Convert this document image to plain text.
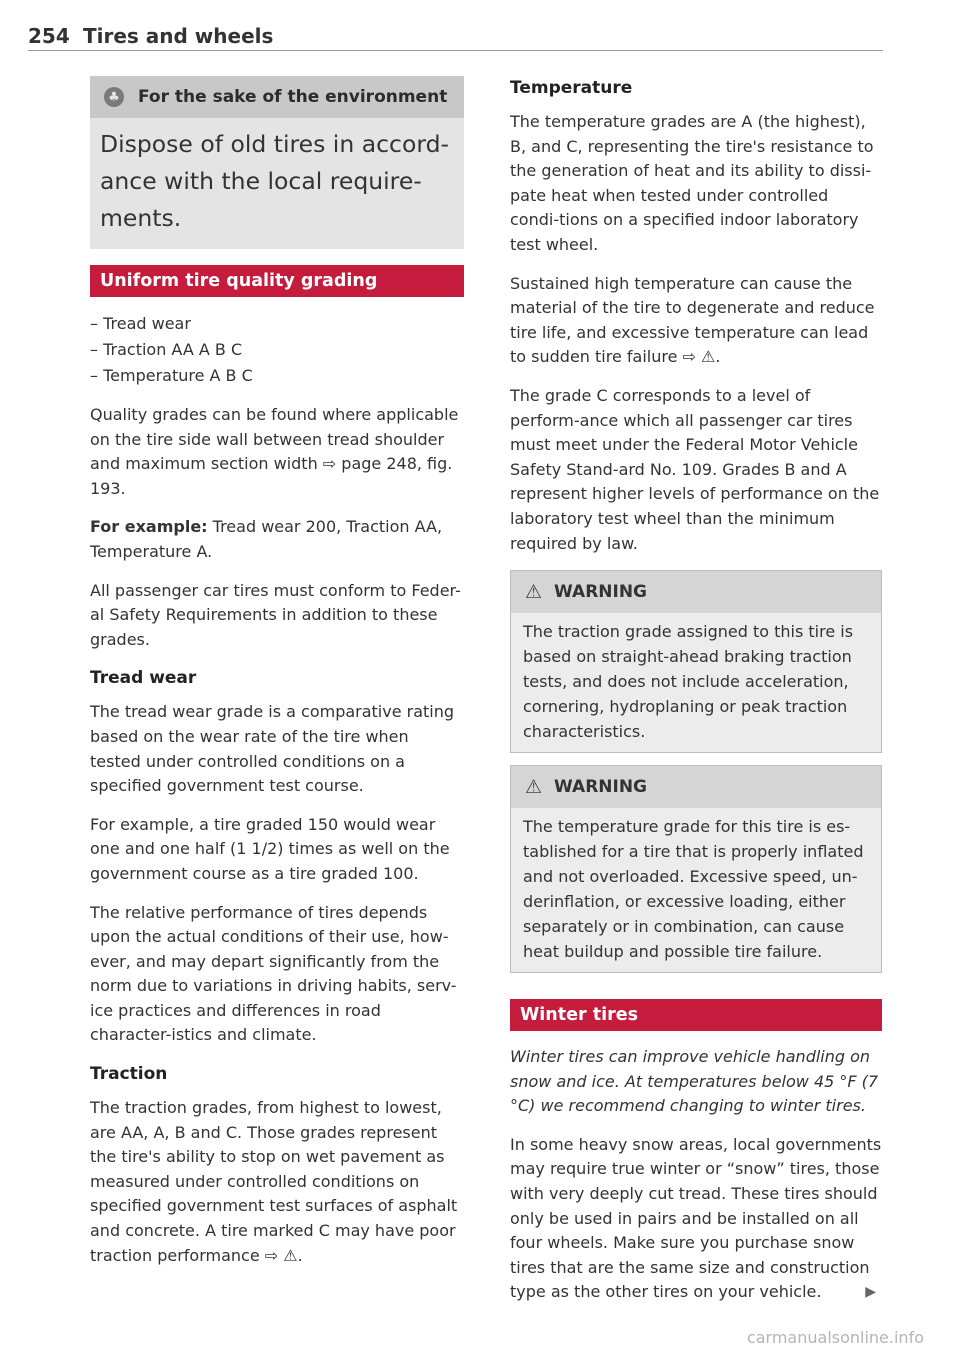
254 Tires and wheels
♣ For the sake of the environment
Dispose of old tires in accord-ance with the local require-ments.
Uniform tire quality grading
– Tread wear
– Traction AA A B C
– Temperature A B C

Quality grades can be found where applicable on the tire side wall between tread shoulder and maximum section width ⇨ page 248, fig. 193.

For example: Tread wear 200, Traction AA, Temperature A.

All passenger car tires must conform to Feder-al Safety Requirements in addition to these grades.

Tread wear

The tread wear grade is a comparative rating based on the wear rate of the tire when tested under controlled conditions on a specified government test course.

For example, a tire graded 150 would wear one and one half (1 1/2) times as well on the government course as a tire graded 100.

The relative performance of tires depends upon the actual conditions of their use, how-ever, and may depart significantly from the norm due to variations in driving habits, serv-ice practices and differences in road character-istics and climate.

Traction

The traction grades, from highest to lowest, are AA, A, B and C. Those grades represent the tire's ability to stop on wet pavement as measured under controlled conditions on specified government test surfaces of asphalt and concrete. A tire marked C may have poor traction performance ⇨ ⚠.

Temperature

The temperature grades are A (the highest), B, and C, representing the tire's resistance to the generation of heat and its ability to dissi-pate heat when tested under controlled condi-tions on a specified indoor laboratory test wheel.

Sustained high temperature can cause the material of the tire to degenerate and reduce tire life, and excessive temperature can lead to sudden tire failure ⇨ ⚠.

The grade C corresponds to a level of perform-ance which all passenger car tires must meet under the Federal Motor Vehicle Safety Stand-ard No. 109. Grades B and A represent higher levels of performance on the laboratory test wheel than the minimum required by law.

⚠ WARNING
The traction grade assigned to this tire is based on straight-ahead braking traction tests, and does not include acceleration, cornering, hydroplaning or peak traction characteristics.
⚠ WARNING
The temperature grade for this tire is es-tablished for a tire that is properly inflated and not overloaded. Excessive speed, un-derinflation, or excessive loading, either separately or in combination, can cause heat buildup and possible tire failure.
Winter tires

Winter tires can improve vehicle handling on snow and ice. At temperatures below 45 °F (7 °C) we recommend changing to winter tires.

In some heavy snow areas, local governments may require true winter or “snow” tires, those with very deeply cut tread. These tires should only be used in pairs and be installed on all four wheels. Make sure you purchase snow tires that are the same size and construction type as the other tires on your vehicle.	▶

carmanualsonline.info
